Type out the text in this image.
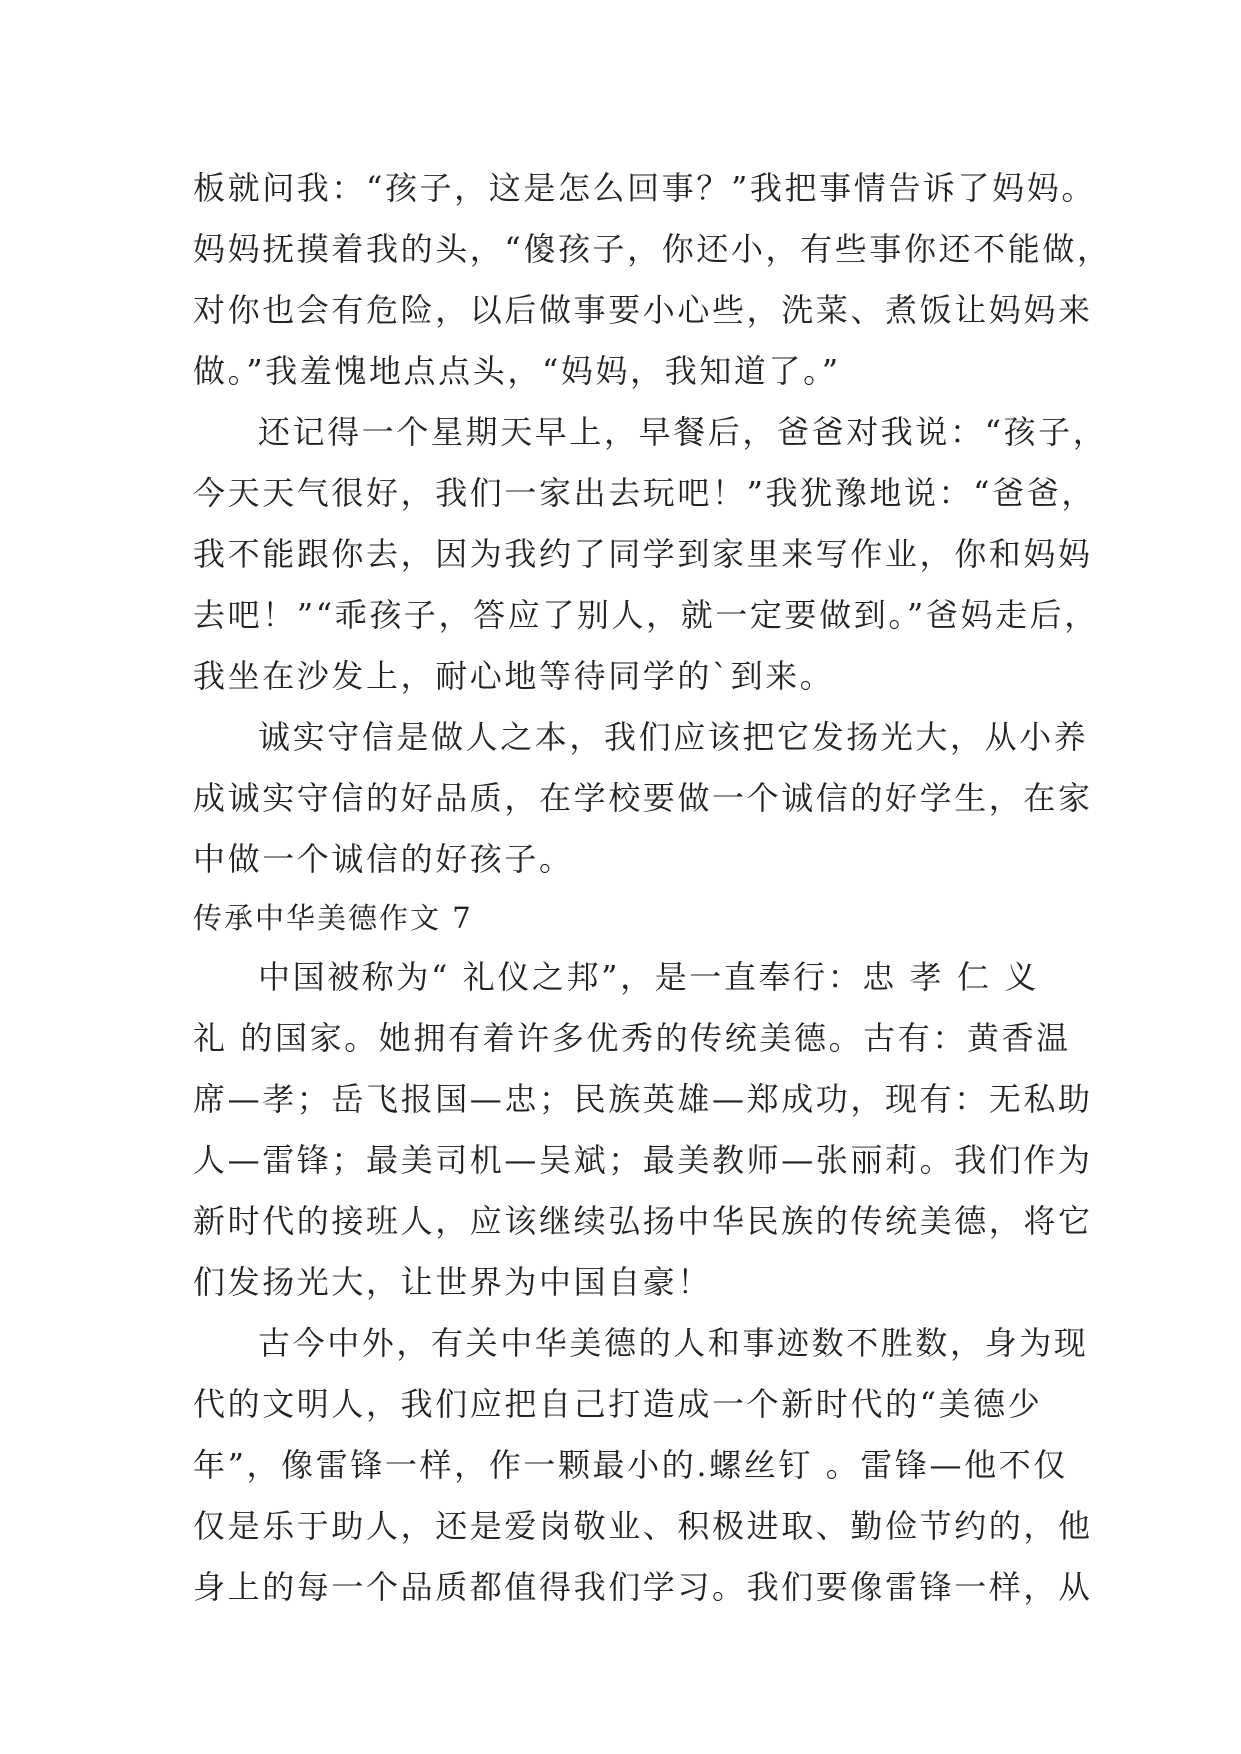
板就问我：“孩子，这是怎么回事？”我把事情告诉了妈妈。
妈妈抚摸着我的头，“傻孩子，你还小，有些事你还不能做，
对你也会有危险，以后做事要小心些，洗菜、煮饭让妈妈来
做。”我羞愧地点点头，“妈妈，我知道了。”
还记得一个星期天早上，早餐后，爸爸对我说：“孩子，
今天天气很好，我们一家出去玩吧！”我犹豫地说：“爸爸，
我不能跟你去，因为我约了同学到家里来写作业，你和妈妈
去吧！”“乖孩子，答应了别人，就一定要做到。”爸妈走后，
我坐在沙发上，耐心地等待同学的`到来。
诚实守信是做人之本，我们应该把它发扬光大，从小养
成诚实守信的好品质，在学校要做一个诚信的好学生，在家
中做一个诚信的好孩子。
传承中华美德作文 7
中国被称为“ 礼仪之邦”，是一直奉行：忠 孝 仁 义
礼 的国家。她拥有着许多优秀的传统美德。古有：黄香温
席—孝；岳飞报国—忠；民族英雄—郑成功，现有：无私助
人—雷锋；最美司机—吴斌；最美教师—张丽莉。我们作为
新时代的接班人，应该继续弘扬中华民族的传统美德，将它
们发扬光大，让世界为中国自豪！
古今中外，有关中华美德的人和事迹数不胜数，身为现
代的文明人，我们应把自己打造成一个新时代的“美德少
年”，像雷锋一样，作一颗最小的.螺丝钉 。雷锋—他不仅
仅是乐于助人，还是爱岗敬业、积极进取、勤俭节约的，他
身上的每一个品质都值得我们学习。我们要像雷锋一样，从
